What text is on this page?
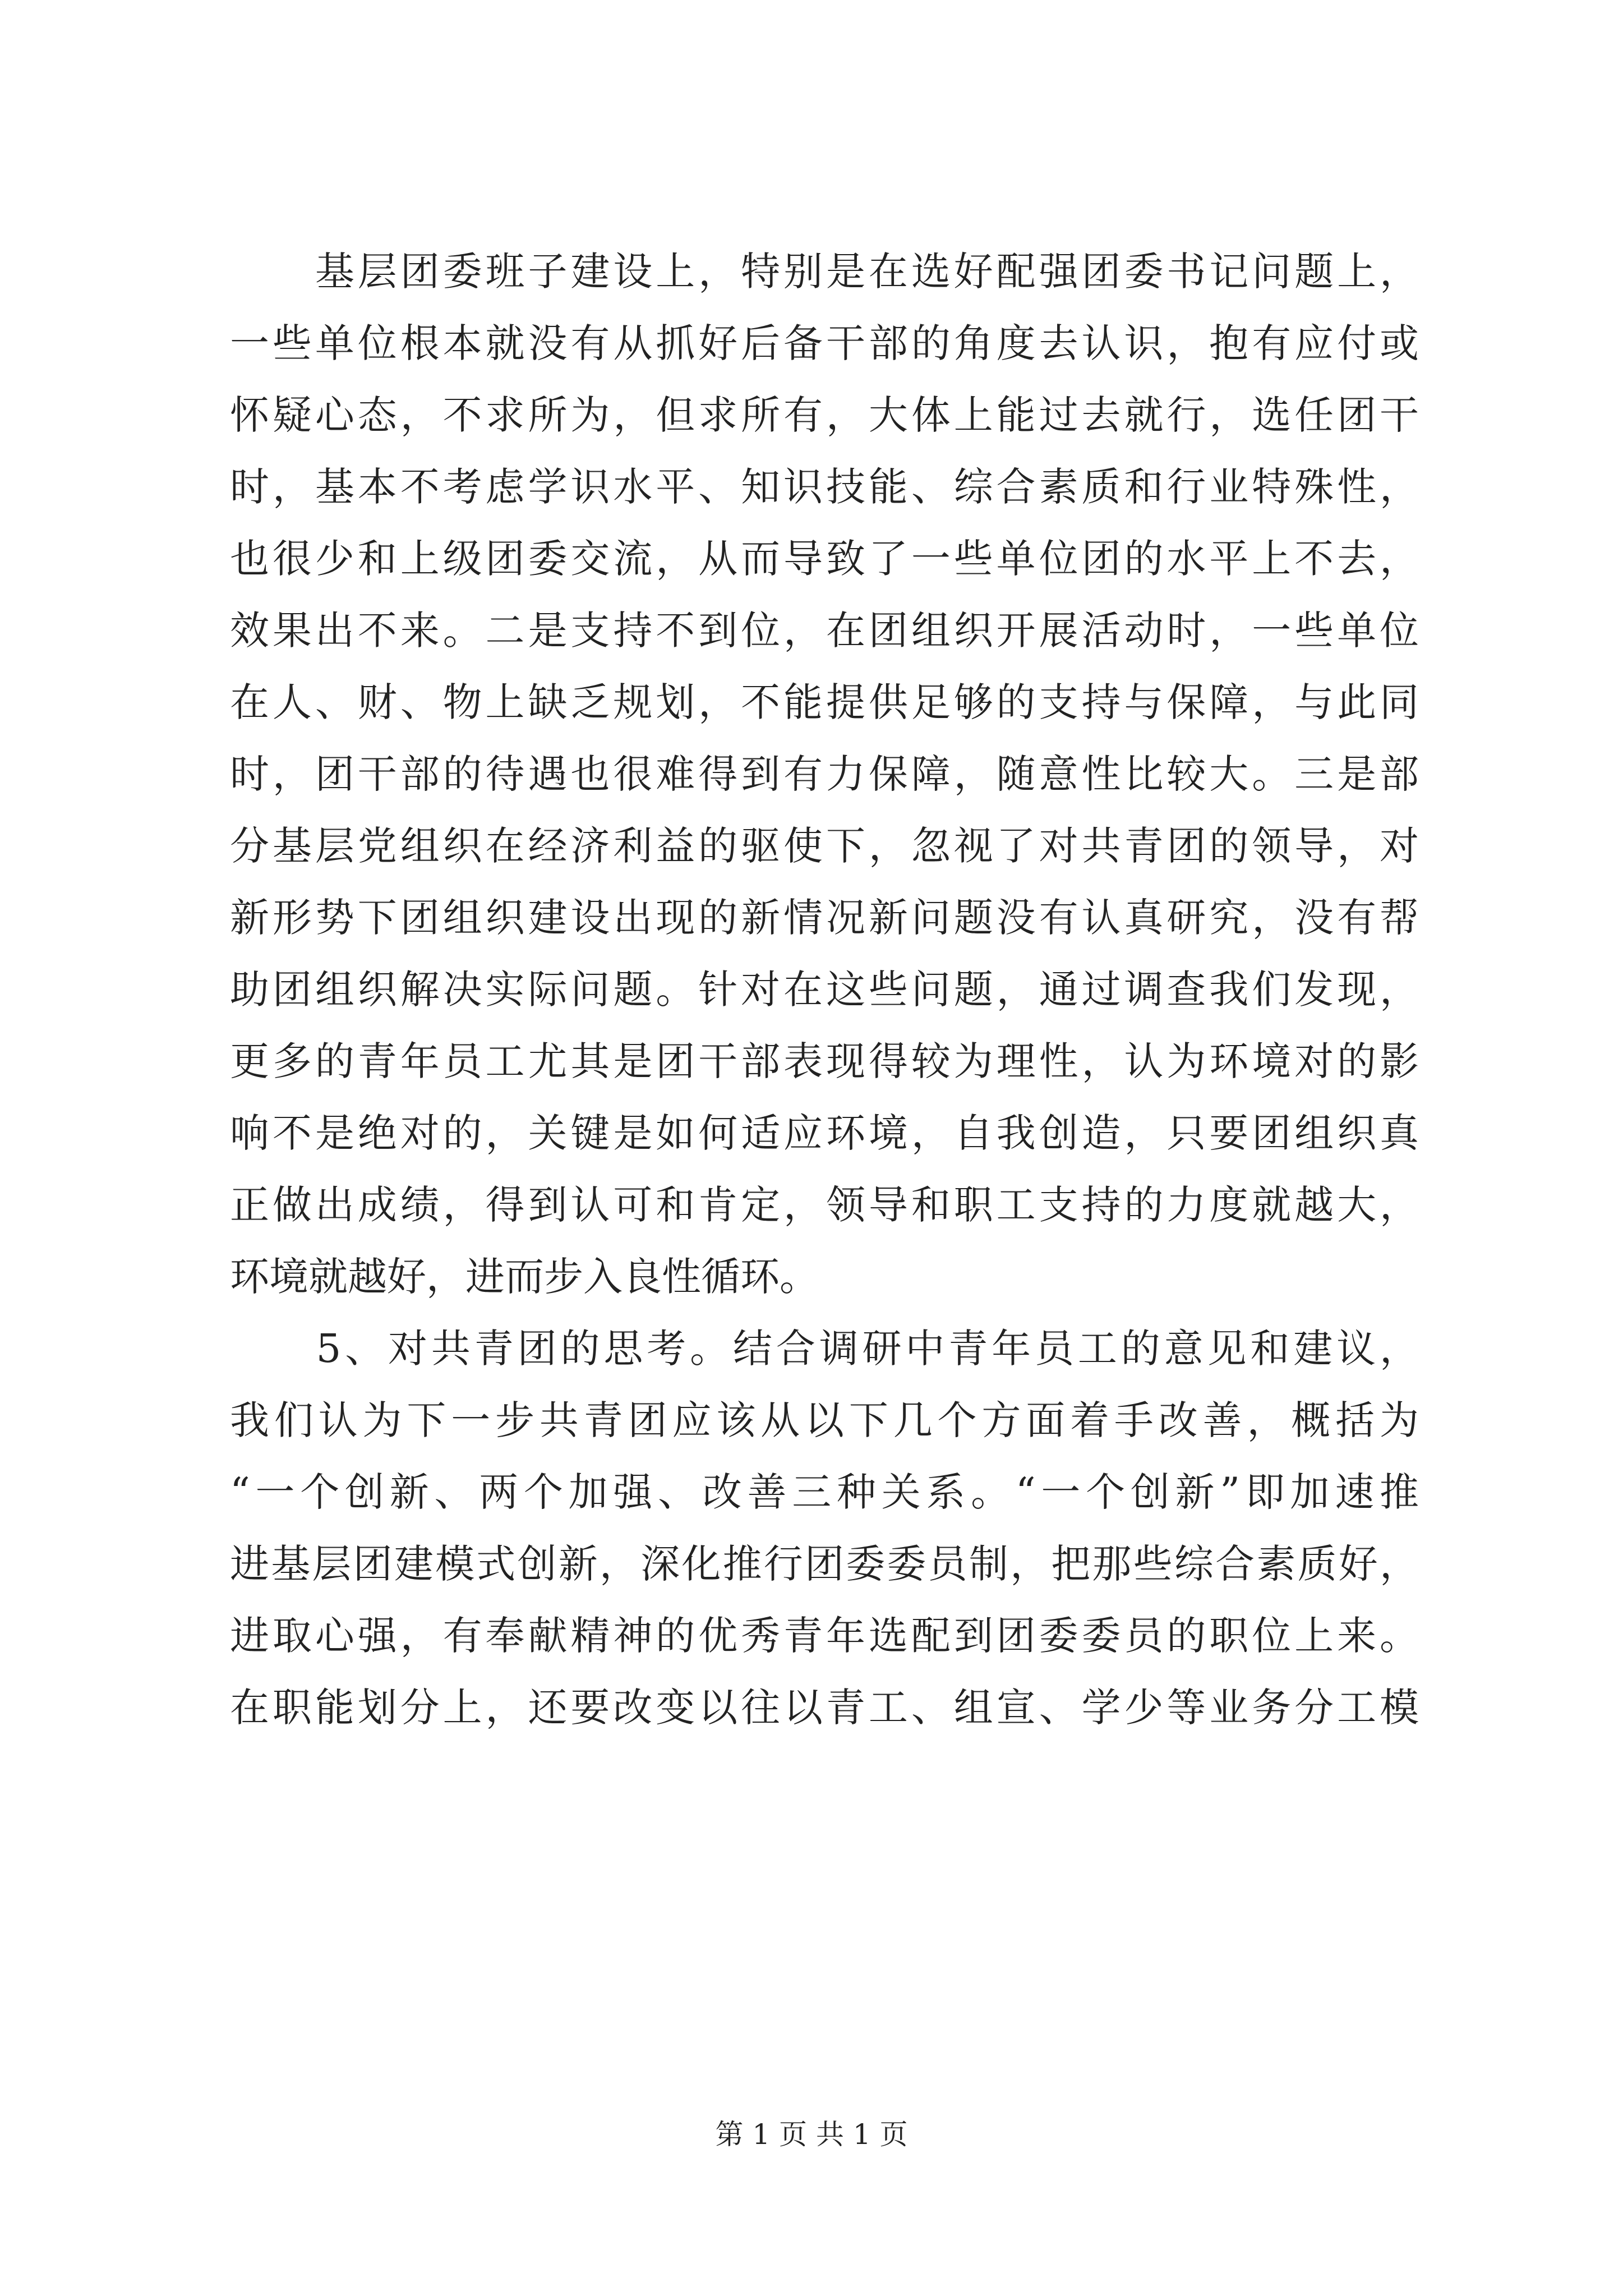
　　基层团委班子建设上，特别是在选好配强团委书记问题上，
一些单位根本就没有从抓好后备干部的角度去认识，抱有应付或
怀疑心态，不求所为，但求所有，大体上能过去就行，选任团干
时，基本不考虑学识水平、知识技能、综合素质和行业特殊性，
也很少和上级团委交流，从而导致了一些单位团的水平上不去，
效果出不来。二是支持不到位，在团组织开展活动时，一些单位
在人、财、物上缺乏规划，不能提供足够的支持与保障，与此同
时，团干部的待遇也很难得到有力保障，随意性比较大。三是部
分基层党组织在经济利益的驱使下，忽视了对共青团的领导，对
新形势下团组织建设出现的新情况新问题没有认真研究，没有帮
助团组织解决实际问题。针对在这些问题，通过调查我们发现，
更多的青年员工尤其是团干部表现得较为理性，认为环境对的影
响不是绝对的，关键是如何适应环境，自我创造，只要团组织真
正做出成绩，得到认可和肯定，领导和职工支持的力度就越大，
环境就越好，进而步入良性循环。
　　5、对共青团的思考。结合调研中青年员工的意见和建议，
我们认为下一步共青团应该从以下几个方面着手改善，概括为
“一个创新、两个加强、改善三种关系。“一个创新”即加速推
进基层团建模式创新，深化推行团委委员制，把那些综合素质好，
进取心强，有奉献精神的优秀青年选配到团委委员的职位上来。
在职能划分上，还要改变以往以青工、组宣、学少等业务分工模
第 1 页 共 1 页
